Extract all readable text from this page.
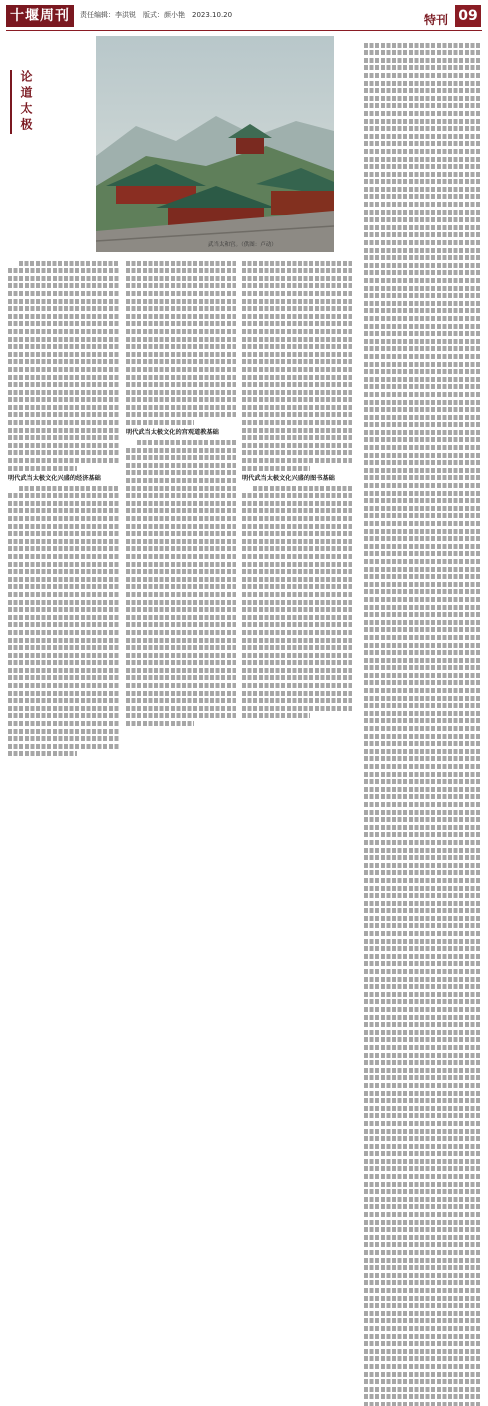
十堰周刊	责任编辑：李洪锐　版式：颜小艳　2023.10.20	特刊 09
论道太极
武当太和宫。（供图：卢动）
明代武当太极文化兴盛的经济基础
明代武当太极文化的宫观道教基础
明代武当太极文化兴盛的图书基础
